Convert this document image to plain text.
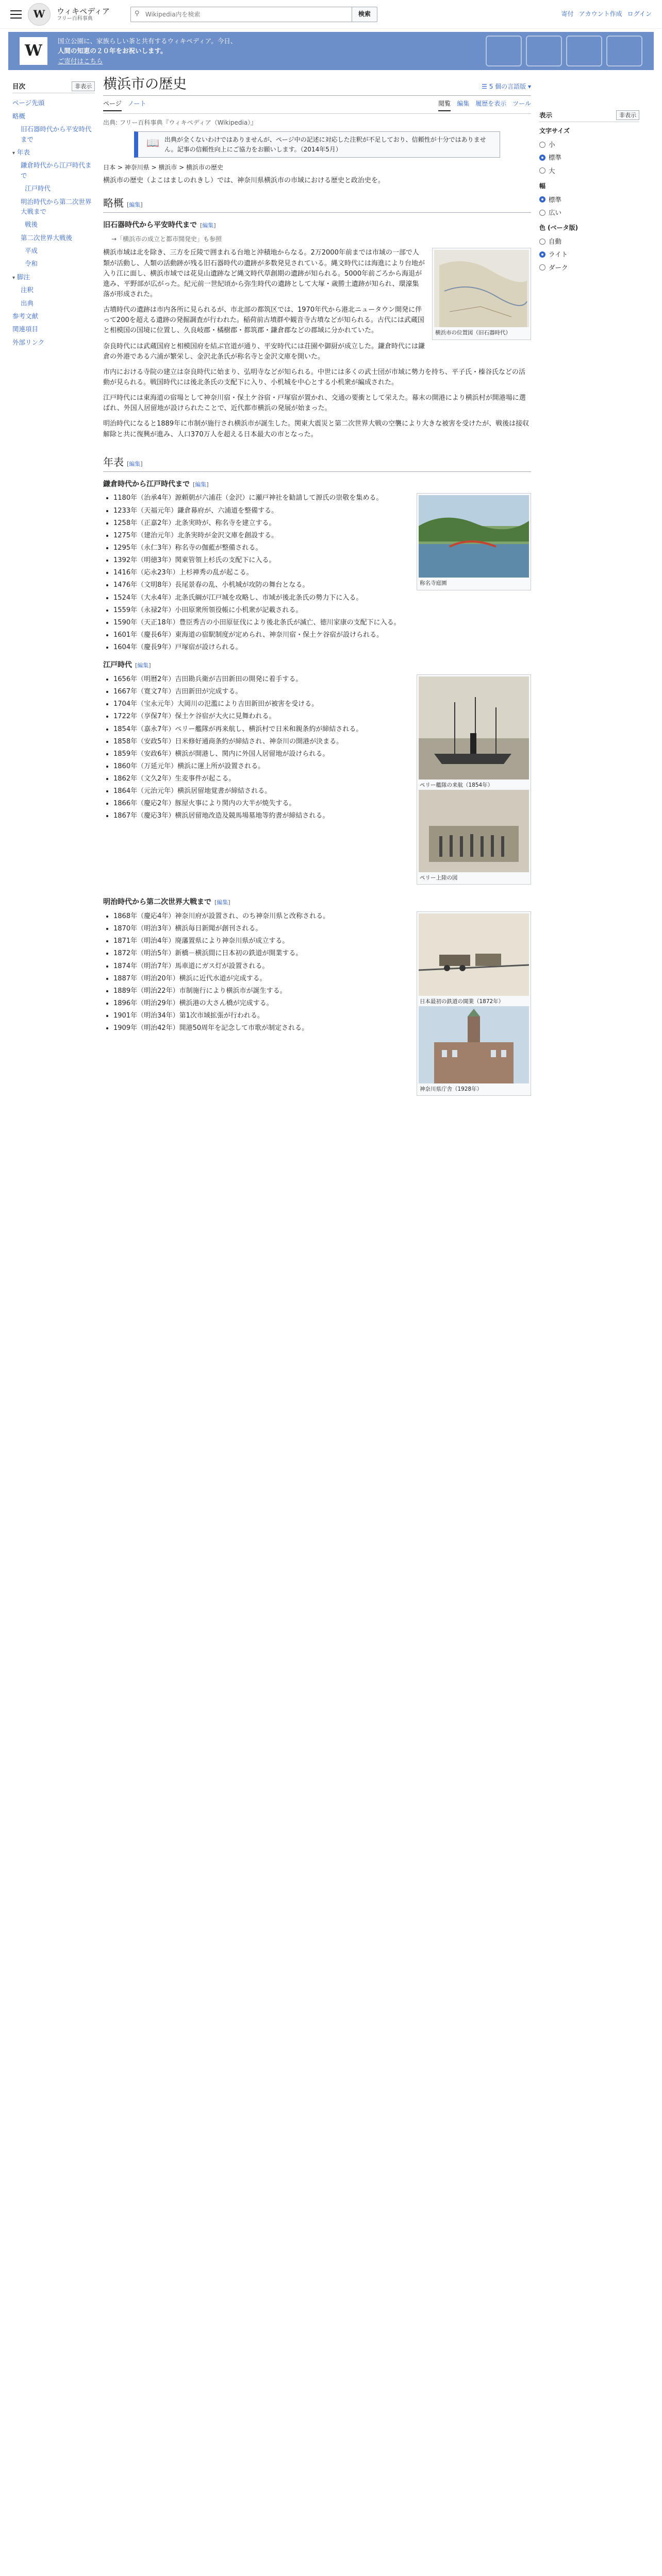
W	ウィキペディア
フリー百科事典
⚲
Wikipedia内を検索	検索	寄付 アカウント作成 ログイン
W
国立公園に、家族らしい茶と共有するウィキペディア。今日、
人間の知恵の２０年をお祝いします。
ご寄付はこちら
目次	非表示
ページ先頭
略概
旧石器時代から平安時代まで
▾ 年表
鎌倉時代から江戸時代まで
江戸時代
明治時代から第二次世界大戦まで
戦後
第二次世界大戦後
平成
令和
▾ 脚注
注釈
出典
参考文献
関連項目
外部リンク
横浜市の歴史	☰ 5 個の言語版 ▾
ページ ノート	閲覧 編集 履歴を表示 ツール
出典: フリー百科事典『ウィキペディア（Wikipedia）』
📖 出典が全くないわけではありませんが、ページ中の記述に対応した注釈が不足しており、信頼性が十分ではありません。記事の信頼性向上にご協力をお願いします。（2014年5月）
日本 > 神奈川県 > 横浜市 > 横浜市の歴史

横浜市の歴史（よこはましのれきし）では、神奈川県横浜市の市域における歴史と政治史を。

略概 [編集]
旧石器時代から平安時代まで [編集]
→「横浜市の成立と都市開発史」も参照
横浜市の位置図（旧石器時代）

横浜市域は北を除き、三方を丘陵で囲まれる台地と沖積地からなる。2万2000年前までは市域の一部で人類が活動し、人類の活動跡が残る旧石器時代の遺跡が多数発見されている。縄文時代には海進により台地が入り江に面し、横浜市域では花見山遺跡など縄文時代草創期の遺跡が知られる。5000年前ごろから海退が進み、平野部が広がった。紀元前一世紀頃から弥生時代の遺跡として大塚・歳勝土遺跡が知られ、環濠集落が形成された。

古墳時代の遺跡は市内各所に見られるが、市北部の都筑区では、1970年代から港北ニュータウン開発に伴って200を超える遺跡の発掘調査が行われた。稲荷前古墳群や観音寺古墳などが知られる。古代には武蔵国と相模国の国境に位置し、久良岐郡・橘樹郡・都筑郡・鎌倉郡などの郡域に分かれていた。

奈良時代には武蔵国府と相模国府を結ぶ官道が通り、平安時代には荘園や御厨が成立した。鎌倉時代には鎌倉の外港である六浦が繁栄し、金沢北条氏が称名寺と金沢文庫を開いた。

市内における寺院の建立は奈良時代に始まり、弘明寺などが知られる。中世には多くの武士団が市域に勢力を持ち、平子氏・榛谷氏などの活動が見られる。戦国時代には後北条氏の支配下に入り、小机城を中心とする小机衆が編成された。

江戸時代には東海道の宿場として神奈川宿・保土ケ谷宿・戸塚宿が置かれ、交通の要衝として栄えた。幕末の開港により横浜村が開港場に選ばれ、外国人居留地が設けられたことで、近代都市横浜の発展が始まった。

明治時代になると1889年に市制が施行され横浜市が誕生した。関東大震災と第二次世界大戦の空襲により大きな被害を受けたが、戦後は接収解除と共に復興が進み、人口370万人を超える日本最大の市となった。

年表 [編集]
鎌倉時代から江戸時代まで [編集]
称名寺庭園
• 1180年（治承4年）源頼朝が六浦荘（金沢）に瀬戸神社を勧請して源氏の崇敬を集める。
• 1233年（天福元年）鎌倉幕府が、六浦道を整備する。
• 1258年（正嘉2年）北条実時が、称名寺を建立する。
• 1275年（建治元年）北条実時が金沢文庫を創設する。
• 1295年（永仁3年）称名寺の伽藍が整備される。
• 1392年（明徳3年）関東管領上杉氏の支配下に入る。
• 1416年（応永23年）上杉禅秀の乱が起こる。
• 1476年（文明8年）長尾景春の乱、小机城が攻防の舞台となる。
• 1524年（大永4年）北条氏綱が江戸城を攻略し、市域が後北条氏の勢力下に入る。
• 1559年（永禄2年）小田原衆所領役帳に小机衆が記載される。
• 1590年（天正18年）豊臣秀吉の小田原征伐により後北条氏が滅亡、徳川家康の支配下に入る。
• 1601年（慶長6年）東海道の宿駅制度が定められ、神奈川宿・保土ケ谷宿が設けられる。
• 1604年（慶長9年）戸塚宿が設けられる。
江戸時代 [編集]
ペリー艦隊の来航（1854年）
ペリー上陸の図
• 1656年（明暦2年）吉田勘兵衛が吉田新田の開発に着手する。
• 1667年（寛文7年）吉田新田が完成する。
• 1704年（宝永元年）大岡川の氾濫により吉田新田が被害を受ける。
• 1722年（享保7年）保土ケ谷宿が大火に見舞われる。
• 1854年（嘉永7年）ペリー艦隊が再来航し、横浜村で日米和親条約が締結される。
• 1858年（安政5年）日米修好通商条約が締結され、神奈川の開港が決まる。
• 1859年（安政6年）横浜が開港し、関内に外国人居留地が設けられる。
• 1860年（万延元年）横浜に運上所が設置される。
• 1862年（文久2年）生麦事件が起こる。
• 1864年（元治元年）横浜居留地覚書が締結される。
• 1866年（慶応2年）豚屋火事により関内の大半が焼失する。
• 1867年（慶応3年）横浜居留地改造及競馬場墓地等約書が締結される。
明治時代から第二次世界大戦まで [編集]
日本最初の鉄道の開業（1872年）
神奈川県庁舎（1928年）
• 1868年（慶応4年）神奈川府が設置され、のち神奈川県と改称される。
• 1870年（明治3年）横浜毎日新聞が創刊される。
• 1871年（明治4年）廃藩置県により神奈川県が成立する。
• 1872年（明治5年）新橋－横浜間に日本初の鉄道が開業する。
• 1874年（明治7年）馬車道にガス灯が設置される。
• 1887年（明治20年）横浜に近代水道が完成する。
• 1889年（明治22年）市制施行により横浜市が誕生する。
• 1896年（明治29年）横浜港の大さん橋が完成する。
• 1901年（明治34年）第1次市域拡張が行われる。
• 1909年（明治42年）開港50周年を記念して市歌が制定される。
表示	非表示
文字サイズ
小
標準
大
幅
標準
広い
色 (ベータ版)
自動
ライト
ダーク
